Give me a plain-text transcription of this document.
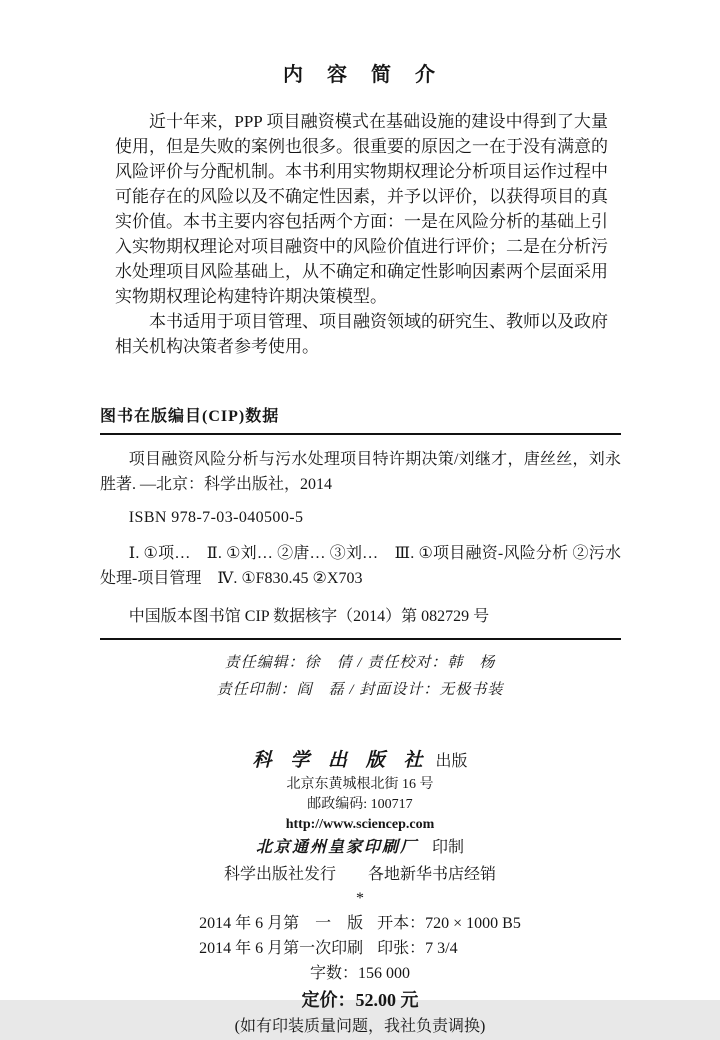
内　容　简　介

近十年来，PPP 项目融资模式在基础设施的建设中得到了大量使用，但是失败的案例也很多。很重要的原因之一在于没有满意的风险评价与分配机制。本书利用实物期权理论分析项目运作过程中可能存在的风险以及不确定性因素，并予以评价，以获得项目的真实价值。本书主要内容包括两个方面：一是在风险分析的基础上引入实物期权理论对项目融资中的风险价值进行评价；二是在分析污水处理项目风险基础上，从不确定和确定性影响因素两个层面采用实物期权理论构建特许期决策模型。

本书适用于项目管理、项目融资领域的研究生、教师以及政府相关机构决策者参考使用。

图书在版编目(CIP)数据

项目融资风险分析与污水处理项目特许期决策/刘继才，唐丝丝，刘永胜著. —北京：科学出版社，2014

ISBN 978-7-03-040500-5

Ⅰ. ①项…　Ⅱ. ①刘… ②唐… ③刘…　Ⅲ. ①项目融资-风险分析 ②污水处理-项目管理　Ⅳ. ①F830.45 ②X703

中国版本图书馆 CIP 数据核字（2014）第 082729 号

责任编辑：徐　倩 / 责任校对：韩　杨

责任印制：阎　磊 / 封面设计：无极书装

科 学 出 版 社 出版

北京东黄城根北街 16 号

邮政编码: 100717

http://www.sciencep.com

北京通州皇家印刷厂 印制

科学出版社发行　　各地新华书店经销

*

2014 年 6 月第　一　版 开本：720 × 1000 B5
2014 年 6 月第一次印刷 印张：7 3/4

字数：156 000

定价：52.00 元

(如有印装质量问题，我社负责调换)
